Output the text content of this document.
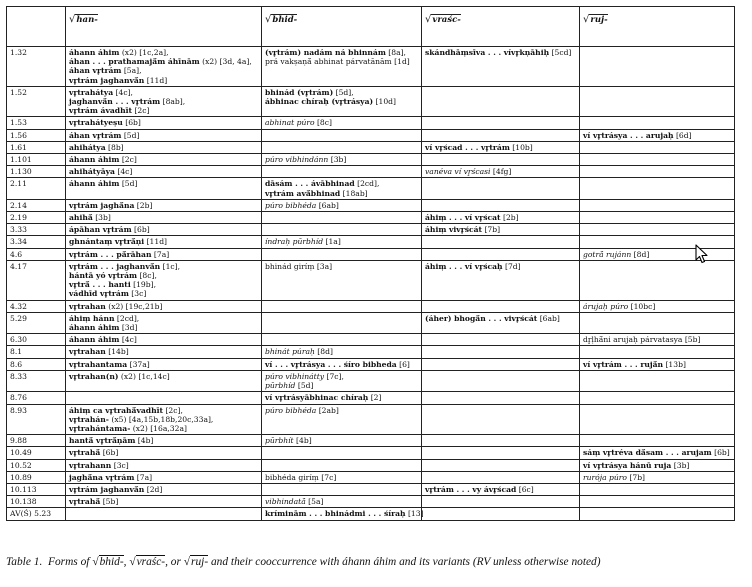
	√han-	√bhid-	√vraśc-	√ruj-
1.32	áhann áhim (x2) [1c,2a],
áhan . . . prathamajā́m áhīnām (x2) [3d, 4a],
áhan vr̥trám [5a],
vr̥trám jaghanvā́n [11d]	(vr̥trám) nadám ná bhinnám [8a],
prá vakṣaṇā́ abhinat párvatānām [1d]	skándhāṃsīva . . . vívr̥kṇāhiḥ [5cd]	

1.52	vr̥trahátya [4c],
jaghanvā́n . . . vr̥trám [8ab],
vr̥trám ávadhīt [2c]	bhinád (vr̥trám) [5d],
ábhinac chíraḥ (vr̥trásya) [10d]		

1.53	vr̥trahátyeṣu [6b]	abhinat púro [8c]		

1.56	áhan vr̥trám [5d]			ví vr̥trásya . . . arujaḥ [6d]

1.61	ahihátya [8b]		ví vr̥ścad . . . vr̥trám [10b]	

1.101	áhann áhim [2c]	púro vibhindánn [3b]		

1.130	ahihátyāya [4c]		vanéva ví vr̥ścasi [4fg]	

2.11	áhann áhim [5d]	dāsám . . . ávābhinad [2cd],
vr̥trám avā́bhinad [18ab]		

2.14	vr̥trám jaghā́na [2b]	púro bibhéda [6ab]		

2.19	ahihā́ [3b]		áhiṃ . . . ví vr̥ścat [2b]	

3.33	ápāhan vr̥trám [6b]		áhiṃ vivr̥ścát [7b]	

3.34	ghnántaṃ vr̥trā́ṇi [11d]	índraḥ pūrbhíd [1a]		

4.6	vr̥trám . . . pā́rāhan [7a]			gotrā́ rujánn [8d]

4.17	vr̥trám . . . jaghanvā́n [1c],
hántā yó vr̥trám [8c],
vr̥trā́ . . . hanti [19b],
vádhīd vr̥trám [3c]	bhinád giríṃ [3a]	áhiṃ . . . ví vr̥ścaḥ [7d]	

4.32	vr̥trahan (x2) [19c,21b]			árujaḥ púro [10bc]

5.29	áhiṃ hánn [2cd],
áhann áhim [3d]		(áher) bhogā́n . . . vivr̥ścát [6ab]	

6.30	áhann áhim [4c]			dr̥ḷhā́ni arujaḥ párvatasya [5b]

8.1	vr̥trahan [14b]	bhinát púraḥ [8d]		

8.6	vr̥trahantama [37a]	ví . . . vr̥trásya . . . śíro bibheda [6]		ví vr̥trám . . . rujā́n [13b]

8.33	vr̥trahan(n) (x2) [1c,14c]	púro vibhinátty [7c],
pūrbhíd [5d]		

8.76		ví vr̥trásyābhinac chíraḥ [2]		

8.93	áhiṃ ca vr̥trahā́vadhīt [2c],
vr̥trahán- (x5) [4a,15b,18b,20c,33a],
vr̥trahántama- (x2) [16a,32a]	púro bibhéda [2ab]		

9.88	hantā́ vr̥trā́ṇām [4b]	pūrbhít [4b]		

10.49	vr̥trahā́ [6b]			sáṃ vr̥tréva dā́sam . . . arujam [6b]

10.52	vr̥trahann [3c]			ví vr̥trásya hánū ruja [3b]

10.89	jaghā́na vr̥trám [7a]	bibhéda giríṃ [7c]		rurója púro [7b]

10.113	vr̥trám jaghanvā́n [2d]		vr̥trám . . . vy ávr̥ścad [6c]	

10.138	vr̥trahā́ [5b]	vibhindatā́ [5a]		

AV(Ś) 5.23		kríminām . . . bhinádmi . . . śíraḥ [13]		

Table 1. Forms of √bhid-, √vraśc-, or √ruj- and their cooccurrence with áhann áhim and its variants (RV unless otherwise noted)
